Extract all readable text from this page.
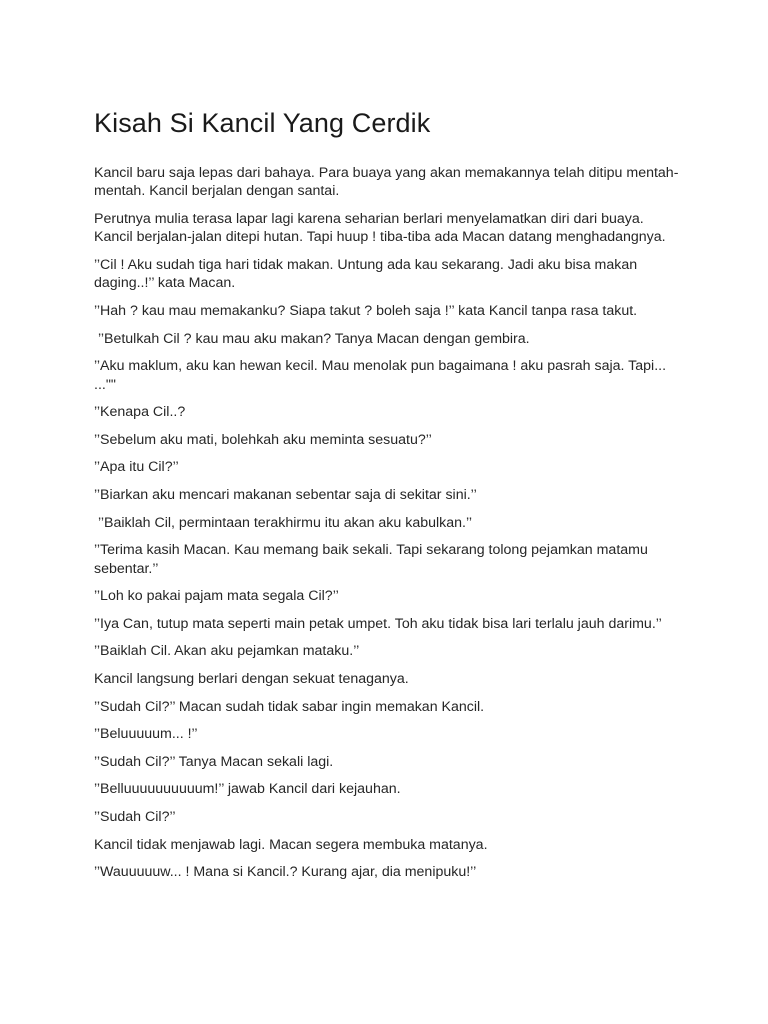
Kisah Si Kancil Yang Cerdik

Kancil baru saja lepas dari bahaya. Para buaya yang akan memakannya telah ditipu mentah-mentah. Kancil berjalan dengan santai.

Perutnya mulia terasa lapar lagi karena seharian berlari menyelamatkan diri dari buaya. Kancil berjalan-jalan ditepi hutan. Tapi huup ! tiba-tiba ada Macan datang menghadangnya.

’’Cil ! Aku sudah tiga hari tidak makan. Untung ada kau sekarang. Jadi aku bisa makan daging..!’’ kata Macan.

’’Hah ? kau mau memakanku? Siapa takut ? boleh saja !’’ kata Kancil tanpa rasa takut.

’’Betulkah Cil ? kau mau aku makan? Tanya Macan dengan gembira.

’’Aku maklum, aku kan hewan kecil. Mau menolak pun bagaimana ! aku pasrah saja. Tapi... ...""

’’Kenapa Cil..?

’’Sebelum aku mati, bolehkah aku meminta sesuatu?’’

’’Apa itu Cil?’’

’’Biarkan aku mencari makanan sebentar saja di sekitar sini.’’

’’Baiklah Cil, permintaan terakhirmu itu akan aku kabulkan.’’

’’Terima kasih Macan. Kau memang baik sekali. Tapi sekarang tolong pejamkan matamu sebentar.’’

’’Loh ko pakai pajam mata segala Cil?’’

’’Iya Can, tutup mata seperti main petak umpet. Toh aku tidak bisa lari terlalu jauh darimu.’’

’’Baiklah Cil. Akan aku pejamkan mataku.’’

Kancil langsung berlari dengan sekuat tenaganya.

’’Sudah Cil?’’ Macan sudah tidak sabar ingin memakan Kancil.

’’Beluuuuum... !’’

’’Sudah Cil?’’ Tanya Macan sekali lagi.

’’Belluuuuuuuuuum!’’ jawab Kancil dari kejauhan.

’’Sudah Cil?’’

Kancil tidak menjawab lagi. Macan segera membuka matanya.

’’Wauuuuuw... ! Mana si Kancil.? Kurang ajar, dia menipuku!’’
